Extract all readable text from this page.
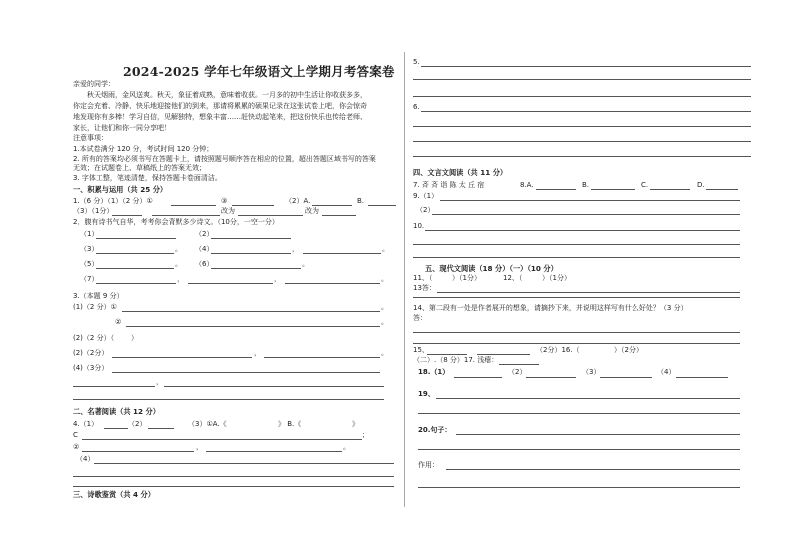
2024-2025 学年七年级语文上学期月考答案卷
亲爱的同学：
秋天烟雨，金风送爽。秋天，象征着成熟，意味着收获。一月多的初中生活让你收获多多，
你定会充着、冷静、快乐地迎接他们的到来，那请将累累的硕果记录在这张试卷上吧，你会惊奇
地发现你有多棒！学习自信，见解独特，想象丰富……赶快动起笔来，把这份快乐也传给老师、
家长，让他们和你一同分享吧！
注意事项：
1.本试卷满分 120 分，考试时间 120 分钟；
2. 所有的答案均必须书写在答题卡上，请按照题号顺序答在相应的位置，超出答题区域书写的答案
无效；在试题卷上、草稿纸上的答案无效；
3. 字体工整，笔迹清楚，保持答题卡卷面清洁。
一、积累与运用（共 25 分）
1.（6 分）（1）（2 分）①	③	（2）A.	B.
（3）（1分）	改为	改为
2．腹有诗书气自华，考考你会背默多少诗文。（10分，一空一分）
（1）	（2）
（3）	。 （4）	，	。
（5）	。 （6）	。
（7）	，	，	。
3.（本题 9 分）
(1)（2 分）①	。
②	。
(2)（2 分）（ ）
(2)（2分）	，	。
(4)（3分）
，
二、名著阅读（共 12 分）
4.（1）	（2）	（3）①A.《	》 B.《	》
C	；
②	，	。
（4）
三、诗歌鉴赏（共 4 分）
5.
6.
四、文言文阅读（共 11 分）
7. 斉 斉 诣 陈 太 丘 宿	8.A.	B.	C.	D.
9.（1）
（2）
10.
五、现代文阅读（18 分）（一）（10 分）
11、（	）（1分）	12、（	）（1分）
13答：
14、第二段有一处是作者展开的想象，请摘抄下来，并说明这样写有什么好处？（3 分）
答：
15、	（2分）16.（	）（2分）
（二）.（8 分）17. 浅瘪：
18.（1）	（2）	（3）	（4）
19、
20.句子：
作用：
